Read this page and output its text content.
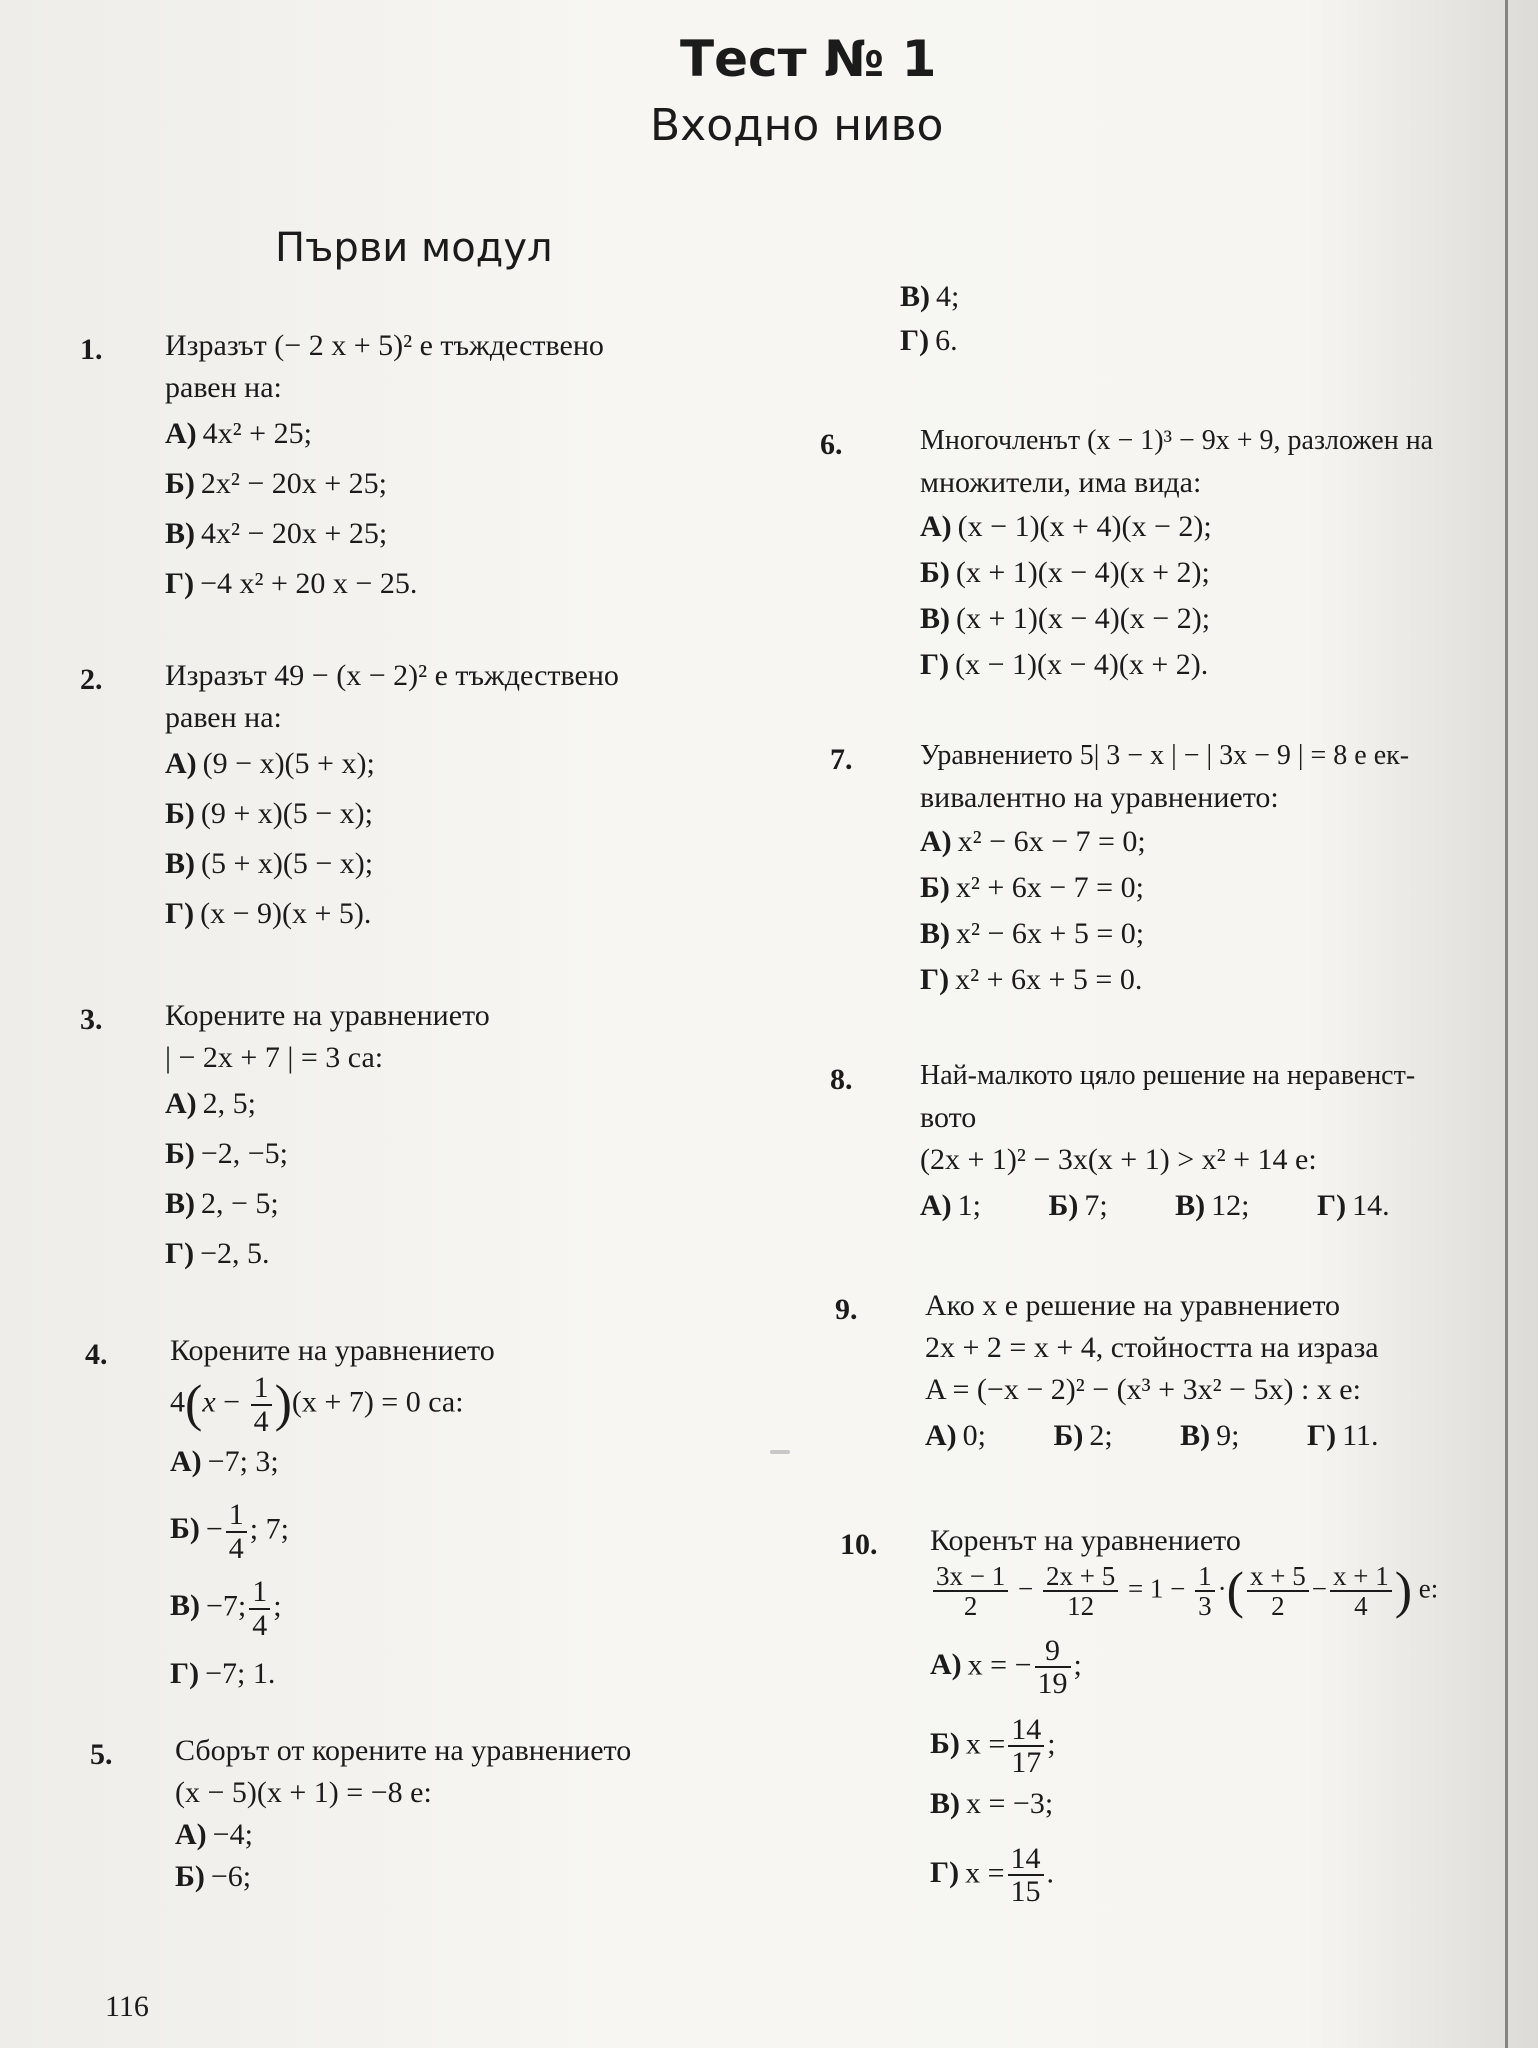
Тест № 1
Входно ниво
Първи модул
1.	Изразът (− 2 x + 5)² е тъждествено
равен на:
А) 4x² + 25;
Б) 2x² − 20x + 25;
В) 4x² − 20x + 25;
Г) −4 x² + 20 x − 25.
2.	Изразът 49 − (x − 2)² е тъждествено
равен на:
А) (9 − x)(5 + x);
Б) (9 + x)(5 − x);
В) (5 + x)(5 − x);
Г) (x − 9)(x + 5).
3.	Корените на уравнението
| − 2x + 7 | = 3 са:
А) 2, 5;
Б) −2, −5;
В) 2, − 5;
Г) −2, 5.
4.	Корените на уравнението
$4(x - \frac{1}{4} )(x + 7) = 0$ са:
А) −7; 3;
$Б) - \frac{1}{4}$ ; 7;
В) −7; $\frac{1}{4}$ ;
Г) −7; 1.
5.	Сборът от корените на уравнението
(x − 5)(x + 1) = −8 е:
А) −4;
Б) −6;
В) 4;
Г) 6.
6.	Многочленът (x − 1)³ − 9x + 9, разложен на
множители, има вида:
А) (x − 1)(x + 4)(x − 2);
Б) (x + 1)(x − 4)(x + 2);
В) (x + 1)(x − 4)(x − 2);
Г) (x − 1)(x − 4)(x + 2).
7.	Уравнението 5| 3 − x | − | 3x − 9 | = 8 е ек-
вивалентно на уравнението:
А) x² − 6x − 7 = 0;
Б) x² + 6x − 7 = 0;
В) x² − 6x + 5 = 0;
Г) x² + 6x + 5 = 0.
8.	Най-малкото цяло решение на неравенст-
вото
(2x + 1)² − 3x(x + 1) > x² + 14 е:
А) 1; Б) 7; В) 12; Г) 14.
9.	Ако x е решение на уравнението
2x + 2 = x + 4, стойността на израза
A = (−x − 2)² − (x³ + 3x² − 5x) : x е:
А) 0; Б) 2; В) 9; Г) 11.
10.	Коренът на уравнението
$\frac{3x - 1}{2} - \frac{2x + 5}{12} = 1 - \frac{1}{3}$ ·( $\frac{x + 5}{2} - \frac{x + 1}{4}$ ) е:
А) x = − $\frac{9}{19}$ ;
Б) $x = \frac{14}{17}$ ;
В) x = −3;
Г) $x = \frac{14}{15}$ .
116
